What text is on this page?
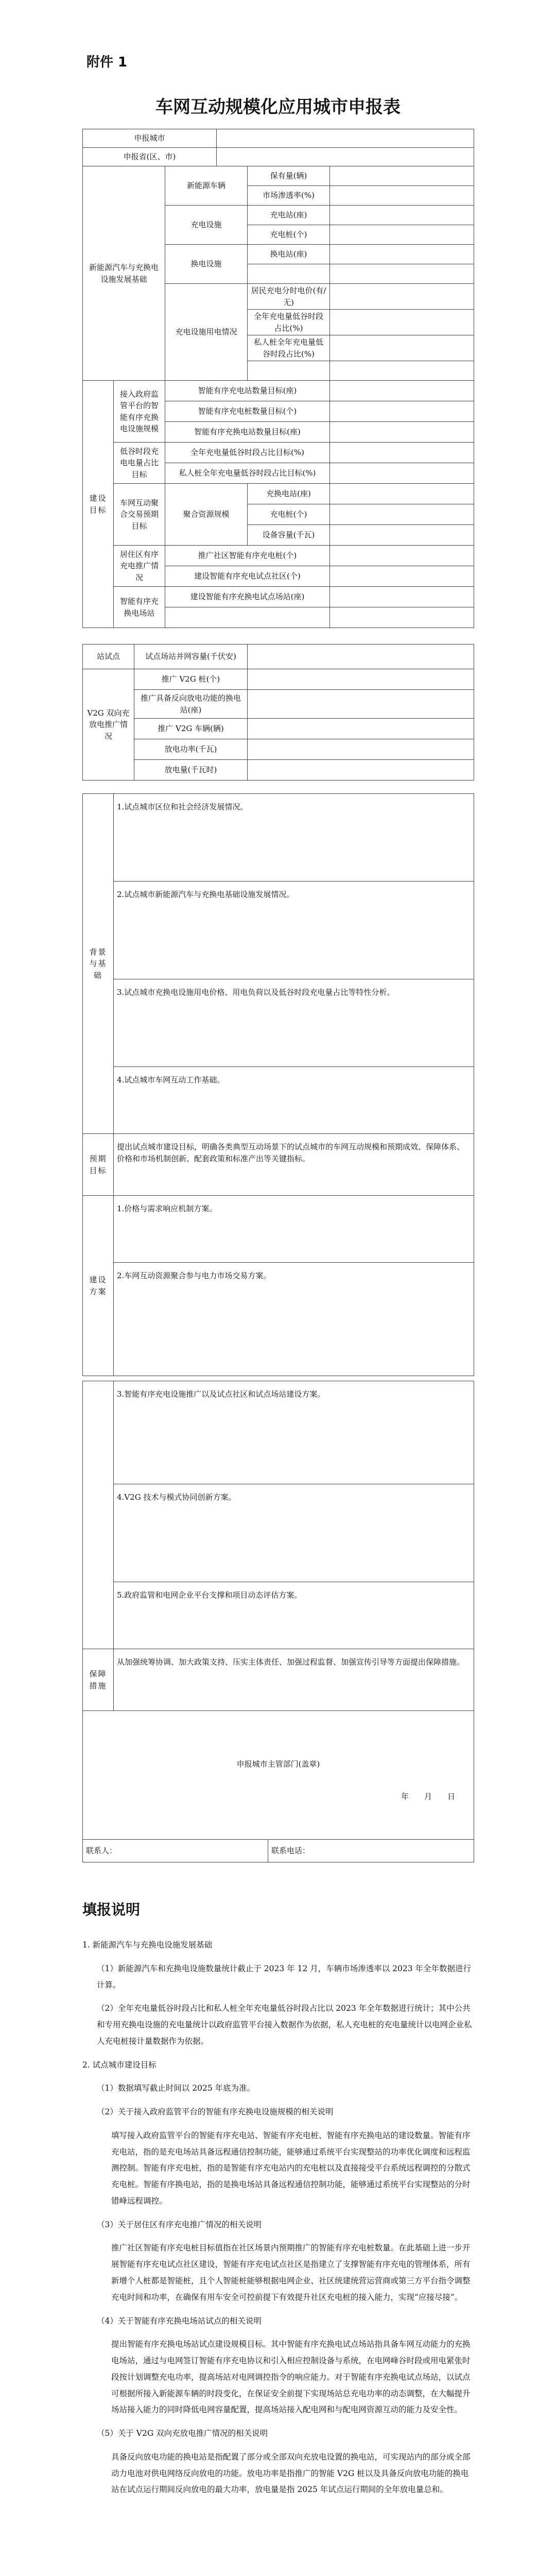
附件 1
车网互动规模化应用城市申报表
申报城市					
申报省(区、市)					
新能源汽车与充换电设施发展基础		新能源车辆		保有量(辆)	
				市场渗透率(%)	
		充电设施		充电站(座)	
				充电桩(个)	
		换电设施		换电站(座)	

		充电设施用电情况		居民充电分时电价(有/无)	
				全年充电量低谷时段占比(%)	
				私人桩全年充电量低谷时段占比(%)	

建设目标	接入政府监管平台的智能有序充换电设施规模	智能有序充电站数量目标(座)			
		智能有序充电桩数量目标(个)			
		智能有序充换电站数量目标(座)			
	低谷时段充电电量占比目标	全年充电量低谷时段占比目标(%)			
		私人桩全年充电量低谷时段占比目标(%)			
	车网互动聚合交易预期目标	聚合资源规模		充换电站(座)	
				充电桩(个)	
				设备容量(千瓦)	
	居住区有序充电推广情况	推广社区智能有序充电桩(个)			
		建设智能有序充电试点社区(个)			
	智能有序充换电场站	建设智能有序充换电试点场站(座)			

站试点	试点场站并网容量(千伏安)	
V2G 双向充放电推广情况	推广 V2G 桩(个)	
	推广具备反向放电功能的换电站(座)	
	推广 V2G 车辆(辆)	
	放电功率(千瓦)	
	放电量(千瓦时)	
背景与基础	1.试点城市区位和社会经济发展情况。
	2.试点城市新能源汽车与充换电基础设施发展情况。
	3.试点城市充换电设施用电价格、用电负荷以及低谷时段充电量占比等特性分析。
	4.试点城市车网互动工作基础。
预期目标	提出试点城市建设目标，明确各类典型互动场景下的试点城市的车网互动规模和预期成效、保障体系、价格和市场机制创新、配套政策和标准产出等关键指标。
建设方案	1.价格与需求响应机制方案。
	2.车网互动资源聚合参与电力市场交易方案。
	3.智能有序充电设施推广以及试点社区和试点场站建设方案。	
	4.V2G 技术与模式协同创新方案。	
	5.政府监管和电网企业平台支撑和项目动态评估方案。	
保障措施	从加强统筹协调、加大政策支持、压实主体责任、加强过程监督、加强宣传引导等方面提出保障措施。	

申报城市主管部门(盖章)
年　　月　　日		

联系人：		联系电话：
填报说明

1. 新能源汽车与充换电设施发展基础

（1）新能源汽车和充换电设施数量统计截止于 2023 年 12 月，车辆市场渗透率以 2023 年全年数据进行计算。

（2）全年充电量低谷时段占比和私人桩全年充电量低谷时段占比以 2023 年全年数据进行统计；其中公共和专用充换电设施的充电量统计以政府监管平台接入数据作为依据，私人充电桩的充电量统计以电网企业私人充电桩接计量数据作为依据。

2. 试点城市建设目标

（1）数据填写截止时间以 2025 年底为准。

（2）关于接入政府监管平台的智能有序充换电设施规模的相关说明

填写接入政府监管平台的智能有序充电站、智能有序充电桩、智能有序充换电站的建设数量。智能有序充电站，指的是充电场站具备远程通信控制功能，能够通过系统平台实现整站的功率优化调度和远程监测控制。智能有序充电桩，指的是智能有序充电站内的充电桩以及直接接受平台系统远程调控的分散式充电桩。智能有序换电站，指的是换电场站具备远程通信控制功能，能够通过系统平台实现整站的分时错峰远程调控。

（3）关于居住区有序充电推广情况的相关说明

推广社区智能有序充电桩目标值指在社区场景内预期推广的智能有序充电桩数量。在此基础上进一步开展智能有序充电试点社区建设，智能有序充电试点社区是指建立了支撑智能有序充电的管理体系，所有新增个人桩都是智能桩，且个人智能桩能够根据电网企业、社区统建统营运营商或第三方平台指令调整充电时间和功率，在确保有用车安全可控前提下有效提升社区充电桩的接入能力，实现“应接尽接”。

（4）关于智能有序充换电场站试点的相关说明

提出智能有序充换电场站试点建设规模目标。其中智能有序充换电试点场站指具备车网互动能力的充换电场站，通过与电网签订智能有序充电协议和引入相应控制设备与系统，在电网峰谷时段或用电紧张时段按计划调整充电功率，提高场站对电网调控指令的响应能力。对于智能有序充换电试点场站，以试点可根据所接入新能源车辆的时段变化，在保证安全前提下实现场站总充电功率的动态调整，在大幅提升场站接入能力的同时降低电网容量配置，提高场站接入配电网和与配电网资源互动的能力及安全性。

（5）关于 V2G 双向充放电推广情况的相关说明

具备反向放电功能的换电站是指配置了部分或全部双向充放电设置的换电站，可实现站内的部分或全部动力电池对供电网络反向放电的功能。放电功率是指推广的智能 V2G 桩以及具备反向放电功能的换电站在试点运行期间反向放电的最大功率，放电量是指 2025 年试点运行期间的全年放电量总和。
